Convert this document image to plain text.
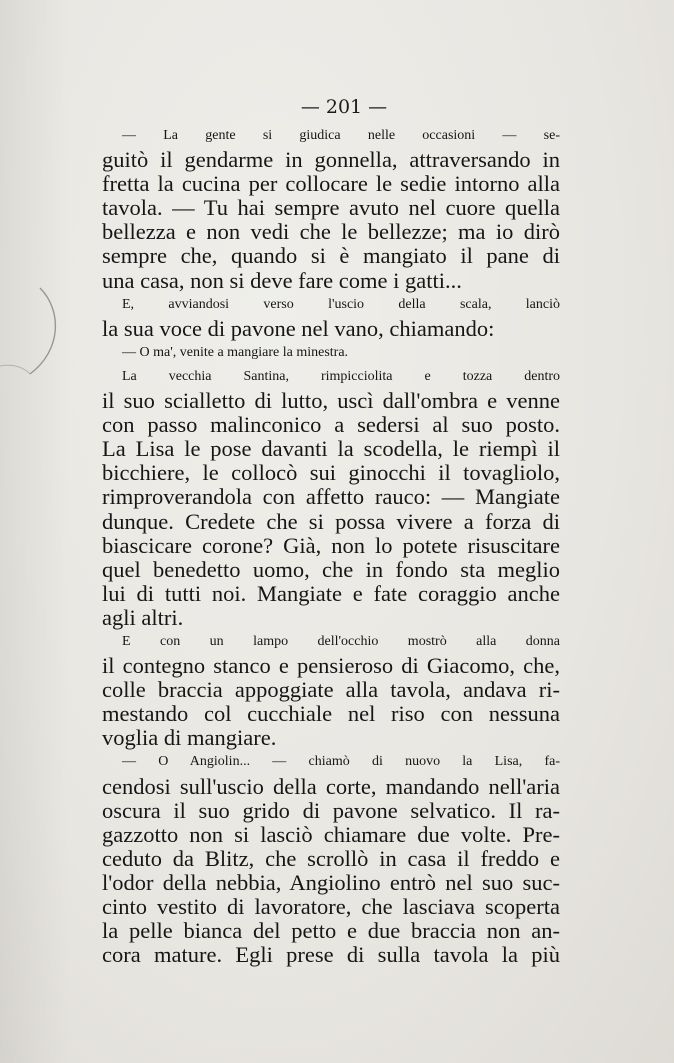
— 201 —
— La gente si giudica nelle occasioni — se-
guitò il gendarme in gonnella, attraversando in
fretta la cucina per collocare le sedie intorno alla
tavola. — Tu hai sempre avuto nel cuore quella
bellezza e non vedi che le bellezze; ma io dirò
sempre che, quando si è mangiato il pane di
una casa, non si deve fare come i gatti...
E, avviandosi verso l'uscio della scala, lanciò
la sua voce di pavone nel vano, chiamando:
— O ma', venite a mangiare la minestra.
La vecchia Santina, rimpicciolita e tozza dentro
il suo scialletto di lutto, uscì dall'ombra e venne
con passo malinconico a sedersi al suo posto.
La Lisa le pose davanti la scodella, le riempì il
bicchiere, le collocò sui ginocchi il tovagliolo,
rimproverandola con affetto rauco: — Mangiate
dunque. Credete che si possa vivere a forza di
biascicare corone? Già, non lo potete risuscitare
quel benedetto uomo, che in fondo sta meglio
lui di tutti noi. Mangiate e fate coraggio anche
agli altri.
E con un lampo dell'occhio mostrò alla donna
il contegno stanco e pensieroso di Giacomo, che,
colle braccia appoggiate alla tavola, andava ri-
mestando col cucchiale nel riso con nessuna
voglia di mangiare.
— O Angiolin... — chiamò di nuovo la Lisa, fa-
cendosi sull'uscio della corte, mandando nell'aria
oscura il suo grido di pavone selvatico. Il ra-
gazzotto non si lasciò chiamare due volte. Pre-
ceduto da Blitz, che scrollò in casa il freddo e
l'odor della nebbia, Angiolino entrò nel suo suc-
cinto vestito di lavoratore, che lasciava scoperta
la pelle bianca del petto e due braccia non an-
cora mature. Egli prese di sulla tavola la più
